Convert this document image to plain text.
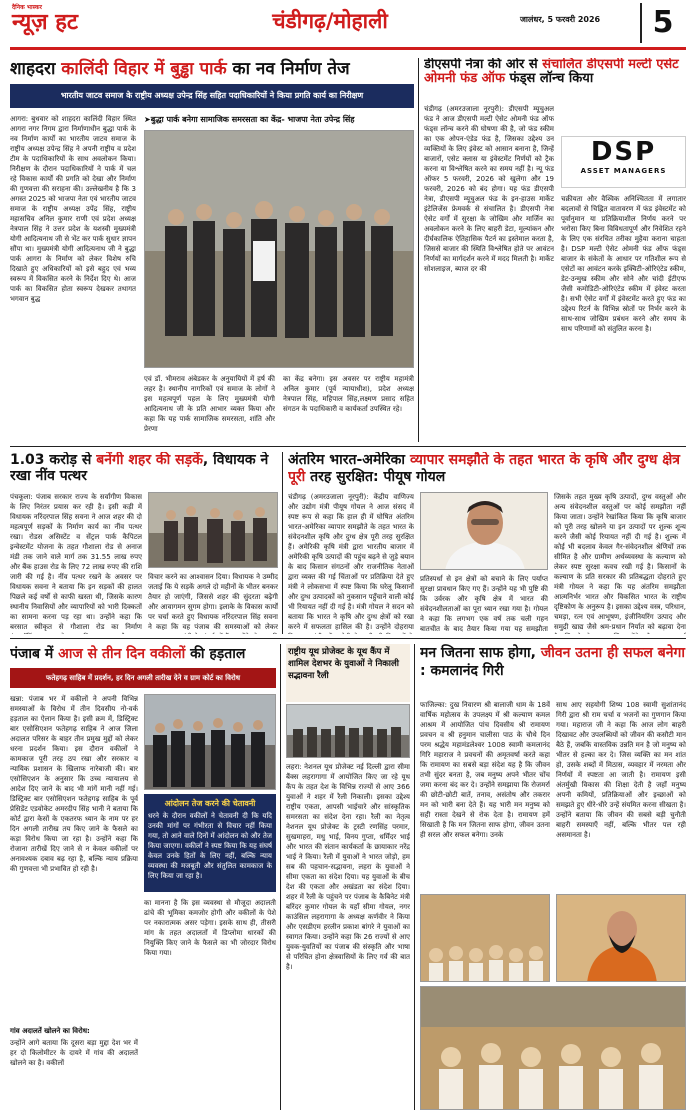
दैनिक भास्कर
न्यूज़ हट	चंडीगढ़/मोहाली	जालंधर, 5 फरवरी 2026	5
शाहदरा कालिंदी विहार में बुड्ढा पार्क का नव निर्माण तेज
भारतीय जाटव समाज के राष्ट्रीय अध्यक्ष उपेन्द्र सिंह सहित पदाधिकारियों ने किया प्रगति कार्य का निरीक्षण
आगरा: बुधवार को शाहदरा कालिंदी विहार स्थित आगरा नगर निगम द्वारा निर्माणाधीन बुद्धा पार्क के नव निर्माण कार्यों का भारतीय जाटव समाज के राष्ट्रीय अध्यक्ष उपेन्द्र सिंह ने अपनी राष्ट्रीय व प्रदेश टीम के पदाधिकारियों के साथ अवलोकन किया। निरीक्षण के दौरान पदाधिकारियों ने पार्क में चल रहे विकास कार्यों की प्रगति को देखा और निर्माण की गुणवत्ता की सराहना की। उल्लेखनीय है कि 3 अगस्त 2025 को भाजपा नेता एवं भारतीय जाटव समाज के राष्ट्रीय अध्यक्ष उपेंद्र सिंह, राष्ट्रीय महासचिव अनिल कुमार राणी एवं प्रदेश अध्यक्ष नेत्रपाल सिंह ने उत्तर प्रदेश के यशस्वी मुख्यमंत्री योगी आदित्यनाथ जी से भेंट कर पार्क सुधार ज्ञापन सौंपा था। मुख्यमंत्री योगी आदित्यनाथ जी ने बुद्धा पार्क आगरा के निर्माण को लेकर विशेष रुचि दिखाते हुए अधिकारियों को इसे बहुद एवं भव्य स्वरूप में विकसित करने के निर्देश दिए थे। आज पार्क का विकसित होता स्वरूप देखकर तथागत भगवान बुद्ध
➤बुद्धा पार्क बनेगा सामाजिक समरसता का केंद्र- भाजपा नेता उपेन्द्र सिंह
एवं डॉ. भीमराव अंबेडकर के अनुयायियों में हर्ष की लहर है। स्थानीय नागरिकों एवं समाज के लोगों ने इस महत्वपूर्ण पहल के लिए मुख्यमंत्री योगी आदित्यनाथ जी के प्रति आभार व्यक्त किया और कहा कि यह पार्क सामाजिक समरसता, शांति और प्रेरणा
का केंद्र बनेगा। इस अवसर पर राष्ट्रीय महामंत्री अनिल कुमार (पूर्व न्यायाधीश), प्रदेश अध्यक्ष नेत्रपाल सिंह, महिपाल सिंह,लक्ष्मण प्रसाद सहित संगठन के पदाधिकारी व कार्यकर्ता उपस्थित रहे।
डीएसपी नेत्रा की ओर से संचालित डीएसपी मल्टी एसेट ओमनी फंड ऑफ फंड्स लॉन्च किया
चंडीगढ़ (अमरउजाला नूरपुरी): डीएसपी म्यूचुअल फंड ने आज डीएसपी मल्टी ऐसेट ओमनी फंड ऑफ फंड्स लॉन्च करने की घोषणा की है, जो फंड स्कीम का एक ओपन-एंडेड फंड है, जिसका उद्देश्य उन व्यक्तियों के लिए इंवेस्ट को आसान बनाना है, जिन्हें बाजारों, एसेट क्लास या इंवेस्टमेंट निर्णयों को ट्रैक करना या विश्लेषित करने का समय नहीं है। न्यू फंड ऑफर 5 फरवरी, 2026 को खुलेगा और 19 फरवरी, 2026 को बंद होगा। यह फंड डीएसपी नेत्रा, डीएसपी म्यूचुअल फंड के इन-हाउस मार्केट इंटेलिजेंस फ्रेमवर्क से संचालित है। डीएसपी नेत्रा ऐसेट वर्गों में सुरक्षा के जोखिम और मार्जिन का अवलोकन करने के लिए बाहरी डेटा, मूल्यांकन और दीर्घकालिक ऐतिहासिक पैटर्न का इस्तेमाल करता है, जिससे बाजार की स्थिति विश्लेषित होते पर आवंटन निर्णयों का मार्गदर्शन करने में मदद मिलती है। मार्केट सोशलाइज, ब्याज दर की
DSP
ASSET MANAGERS
चक्रीयता और वैश्विक अनिश्चितता में लगातार बदलावों से चिह्नित वातावरण में फंड इंवेस्टमेंट को पूर्वानुमान या प्रतिक्रियाशील निर्णय करने पर भरोसा किए बिना विविधतापूर्ण और निवेशित रहने के लिए एक संरचित तरीका मुहैया कराना चाहता है। DSP मल्टी ऐसेट ओमनी फंड ऑफ फंड्स बाजार के संकेतों के आधार पर गतिशील रूप से एसेटों का आवंटन करके इक्विटी-ओरिएंटेड स्कीम, डेट-उन्मुख स्कीम और सोने और चांदी ईटीएफ जैसी कमोडिटी-ओरिएंटेड स्कीम में इंवेस्ट करता है। सभी ऐसेट वर्गों में इंवेस्टमेंट करते हुए फंड का उद्देश्य रिटर्न के विभिन्न स्रोतों पर निर्भर करने के साथ-साथ जोखिम प्रबंधन करने और समय के साथ परिणामों को संतुलित करना है।
1.03 करोड़ से बनेंगी शहर की सड़कें, विधायक ने रखा नींव पत्थर
पंचकूला: पंजाब सरकार राज्य के सर्वांगीण विकास के लिए निरंतर प्रयास कर रही है। इसी कड़ी में विधायक नरिंदरपाल सिंह सवना ने आज शहर की दो महत्वपूर्ण सड़कों के निर्माण कार्य का नींव पत्थर रखा। रोडस असिस्टेंट व सेंट्रल पार्क कैपिटल इन्वेस्टमेंट योजना के तहत गौशाला रोड से अनाज मंडी तक जाने वाले मार्ग तक 31.55 लाख रुपए और बैंक हाउस रोड के लिए 72 लाख रुपए की राशि जारी की गई है। नींव पत्थर रखने के अवसर पर विधायक सवना ने बताया कि इन सड़कों की हालत पिछले कई वर्षों से काफी खस्ता थी, जिसके कारण स्थानीय निवासियों और व्यापारियों को भारी दिक्कतों का सामना करना पड़ रहा था। उन्होंने कहा कि बरसात स्वीकृत से गौशाला रोड का निर्माण
विचार करने का आश्वासन दिया। विधायक ने उम्मीद जताई कि ये सड़कें अगले दो महीनों के भीतर बनकर तैयार हो जाएंगी, जिससे शहर की सुंदरता बढ़ेगी और आवागमन सुगम होगा। इलाके के विकास कार्यों पर चर्चा करते हुए विधायक नरिंदरपाल सिंह सवना ने कहा कि वह पंजाब की समस्याओं को लेकर
अंतरिम भारत-अमेरिका व्यापार समझौते के तहत भारत के कृषि और दुग्ध क्षेत्र पूरी तरह सुरक्षित: पीयूष गोयल
चंडीगढ़ (अमरउजाला नूरपुरी): केंद्रीय वाणिज्य और उद्योग मंत्री पीयूष गोयल ने आज संसद में स्पष्ट रूप से कहा कि हाल ही में घोषित अंतरिम भारत-अमेरिका व्यापार समझौते के तहत भारत के संवेदनशील कृषि और दुग्ध क्षेत्र पूरी तरह सुरक्षित हैं। अमेरिकी कृषि मंत्री द्वारा भारतीय बाजार में अमेरिकी कृषि उत्पादों की पहुंच बढ़ने से जुड़े बयान के बाद किसान संगठनों और राजनीतिक नेताओं द्वारा व्यक्त की गई चिंताओं पर प्रतिक्रिया देते हुए मंत्री ने लोकसभा में स्पष्ट किया कि घरेलू किसानों और दुग्ध उत्पादकों को नुकसान पहुँचाने वाली कोई भी रियायत नहीं दी गई है। मंत्री गोयल ने सदन को बताया कि भारत ने कृषि और दुग्ध क्षेत्रों को रखा करने में सफलता हासिल की है। उन्होंने दोहराया
प्रतिस्पर्धा से इन क्षेत्रों को बचाने के लिए पर्याप्त सुरक्षा प्रावधान किए गए हैं। उन्होंने यह भी पुष्टि की कि उर्वरक और कृषि क्षेत्र में भारत की संवेदनशीलताओं का पूरा ध्यान रखा गया है। गोयल ने कहा कि लगभग एक वर्ष तक चली गहन बातचीत के बाद तैयार किया गया यह समझौता
जिसके तहत मुख्य कृषि उत्पादों, दुग्ध वस्तुओं और अन्य संवेदनशील वस्तुओं पर कोई समझौता नहीं किया जाता। उन्होंने रेखांकित किया कि कृषि बाजार को पूरी तरह खोलने या इन उत्पादों पर शुल्क शून्य करने जैसी कोई रियायत नहीं दी गई है। शुल्क में कोई भी बदलाव केवल गैर-संवेदनशील श्रेणियों तक सीमित है और ग्रामीण अर्थव्यवस्था के कल्याण को लेकर स्पष्ट सुरक्षा कवच रखी गई है। किसानों के कल्याण के प्रति सरकार की प्रतिबद्धता दोहराते हुए मंत्री गोयल ने कहा कि यह अंतरिम समझौता आत्मनिर्भर भारत और विकसित भारत के राष्ट्रीय दृष्टिकोण के अनुरूप है। इसका उद्देश्य वस्त्र, परिधान, चमड़ा, रत्न एवं आभूषण, इंजीनियरिंग उत्पाद और समुद्री खाद्य जैसे श्रम-प्रधान निर्यात को बढ़ावा देना
पंजाब में आज से तीन दिन वकीलों की हड़ताल
फतेहगढ़ साहिब में प्रदर्शन, हर दिन अगली तारीख देने व ग्राम कोर्ट का विरोध
खन्ना: पंजाब भर में वकीलों ने अपनी विभिन्न समस्याओं के विरोध में तीन दिवसीय नो-वर्क हड़ताल का ऐलान किया है। इसी क्रम में, डिस्ट्रिक्ट बार एसोसिएशन फतेहगढ़ साहिब ने आज जिला अदालत परिसर के बाहर तीन प्रमुख मुद्दों को लेकर धरना प्रदर्शन किया। इस दौरान वकीलों ने कामकाज पूरी तरह ठप रखा और सरकार व न्यायिक प्रशासन के खिलाफ नारेबाजी की। बार एसोसिएशन के अनुसार कि उच्च न्यायालय से आदेश दिए जाने के बाद भी मांगें मानी नहीं गई। डिस्ट्रिक्ट बार एसोसिएशन फतेहगढ़ साहिब के पूर्व प्रेसिडेंट एडवोकेट अमरदीप सिंह भानी ने बताया कि कोर्ट द्वारा केसों के एकतरफ ध्यान के नाम पर हर दिन अगली तारीख तय किए जाने के फैसले का कड़ा विरोध किया जा रहा है। उन्होंने कहा कि रोजाना तारीखें दिए जाने से न केवल वकीलों पर अनावश्यक दबाव बढ़ रहा है, बल्कि न्याय प्रक्रिया की गुणवत्ता भी प्रभावित हो रही है।
गांव अदालतें खोलने का विरोध:
उन्होंने आगे बताया कि दूसरा बड़ा मुद्दा देश भर में हर दो किलोमीटर के दायरे में गांव की अदालतें खोलने का है। वकीलों
आंदोलन तेज करने की चेतावनी
धरने के दौरान वकीलों ने चेतावनी दी कि यदि उनकी मांगों पर गंभीरता से विचार नहीं किया गया, तो आने वाले दिनों में आंदोलन को और तेज किया जाएगा। वकीलों ने स्पष्ट किया कि यह संघर्ष केवल उनके हितों के लिए नहीं, बल्कि न्याय व्यवस्था की मजबूती और संतुलित कामकाज के लिए किया जा रहा है।
का मानना है कि इस व्यवस्था से मौजूदा अदालती ढांचे की भूमिका कमजोर होगी और वकीलों के पेशे पर नकारात्मक असर पड़ेगा। इसके साथ ही, तीसरी मांग के तहत अदालतों में डिप्लोमा धारकों की नियुक्ति किए जाने के फैसले का भी जोरदार विरोध किया गया।
राष्ट्रीय यूथ प्रोजेक्ट के यूथ कैंप में शामिल देशभर के युवाओं ने निकाली सद्भावना रैली
लहरा: नेशनल यूथ प्रोजेक्ट नई दिल्ली द्वारा सीमा बैंक्स लहरागागा में आयोजित किए जा रहे यूथ कैंप के तहत देश के विभिन्न राज्यों से आए 366 युवाओं ने शहर में रैली निकाली। इसका उद्देश्य राष्ट्रीय एकता, आपसी भाईचारे और सांस्कृतिक समरसता का संदेश देना रहा। रैली का नेतृत्व नेशनल यूथ प्रोजेक्ट के ट्रस्टी रणसिंह परमार, सुखमाहरा, मधु भाई, विनय गुप्ता, धर्मिंदर भाई और भारत की संतान कार्यकर्ता के छायाकार नरेंद्र भाई ने किया। रैली में युवाओं ने भारत जोड़ो, हम सब की पहचान-सद्भावना, लहरा के युवाओं ने सीमा एकता का संदेश दिया। यह युवाओं के बीच देश की एकता और अखंडता का संदेश दिया। शहर में रैली के पहुंचने पर पंजाब के कैबिनेट मंत्री बरिंदर कुमार गोयल के यहाँ सीमा गोयल, नगर काउंसिल लहरागागा के अध्यक्ष कर्णवीर ने किया और एसडीएम हरलीन प्रकाश बांगरे ने युवाओं का स्वागत किया। उन्होंने कहा कि 26 राज्यों से आए युवक-युवतियों का पंजाब की संस्कृति और भाषा से परिचित होना क्षेत्रवासियों के लिए गर्व की बात है।
मन जितना साफ होगा, जीवन उतना ही सफल बनेगा : कमलानंद गिरी
फाजिल्का: दुख निवारण श्री बालाजी धाम के 18वें वार्षिक महोत्सव के उपलक्ष्य में श्री कल्याण कमल आश्रम में आयोजित पांच दिवसीय श्री रामायण प्रवचन व श्री हनुमान चालीसा पाठ के चौथे दिन परम श्रद्धेय महामंडलेश्वर 1008 स्वामी कमलानंद गिरि महाराज ने प्रवचनों की अमृतवर्षा करते कहा कि रामायण का सबसे बड़ा संदेश यह है कि जीवन तभी सुंदर बनता है, जब मनुष्य अपने भीतर चोंच जमा करना बंद कर दे। उन्होंने समझाया कि रोजमर्रा की छोटी-छोटी बातें, तनाव, असंतोष और तकरार मन को भारी बना देते हैं। यह भारी मन मनुष्य को सही रास्ता देखने से रोक देता है। रामायण हमें सिखाती है कि मन जितना साफ होगा, जीवन उतना ही सरल और सफल बनेगा। उनके
साथ आए सहयोगी शिष्य 108 स्वामी सुशांतानंद गिरी द्वारा श्री राम चर्चा व भजनों का गुणगान किया गया। महाराज जी ने कहा कि आज लोग बाहरी दिखावट और उपलब्धियों को जीवन की कसौटी मान बैठे हैं, जबकि वास्तविक उन्नति मन है जो मनुष्य को भीतर से हल्का कर दे। जिस व्यक्ति का मन शांत हो, उसके शब्दों में मिठास, व्यवहार में नरमता और निर्णयों में स्पष्टता आ जाती है। रामायण इसी अंतर्मुखी विकास की शिक्षा देती है जहाँ मनुष्य अपनी कमियों, प्रतिक्रियाओं और इच्छाओं को समझते हुए धीरे-धीरे उन्हें संयमित करना सीखता है। उन्होंने बताया कि जीवन की सबसे बड़ी चुनौती बाहरी समस्याएँ नहीं, बल्कि भीतर पल रही असमानता है।
